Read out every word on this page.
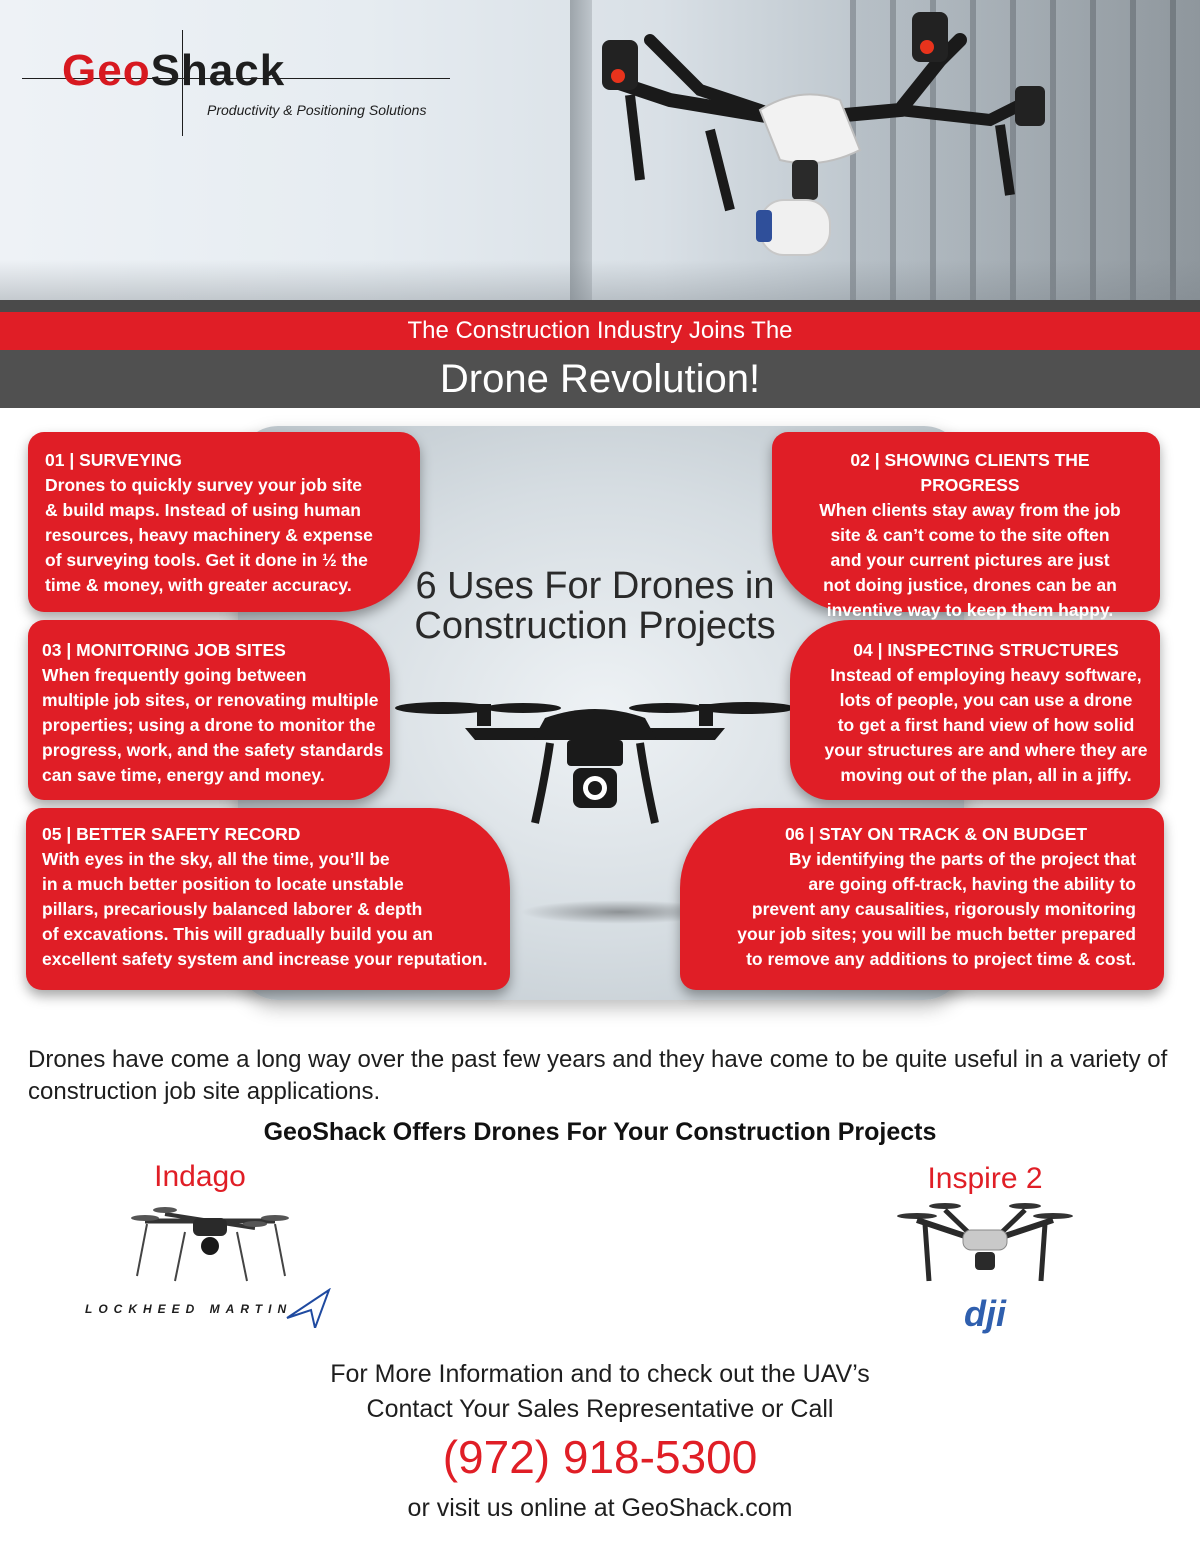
GeoShack
Productivity & Positioning Solutions
The Construction Industry Joins The
Drone Revolution!
6 Uses For Drones in
Construction Projects
01 | SURVEYING
Drones to quickly survey your job site
& build maps. Instead of using human
resources, heavy machinery & expense
of surveying tools. Get it done in ½ the
time & money, with greater accuracy.
02 | SHOWING CLIENTS THE PROGRESS
When clients stay away from the job
site & can’t come to the site often
and your current pictures are just
not doing justice, drones can be an
inventive way to keep them happy.
03 | MONITORING JOB SITES
When frequently going between
multiple job sites, or renovating multiple
properties; using a drone to monitor the
progress, work, and the safety standards
can save time, energy and money.
04 | INSPECTING STRUCTURES
Instead of employing heavy software,
lots of people, you can use a drone
to get a first hand view of how solid
your structures are and where they are
moving out of the plan, all in a jiffy.
05 | BETTER SAFETY RECORD
With eyes in the sky, all the time, you’ll be
in a much better position to locate unstable
pillars, precariously balanced laborer & depth
of excavations. This will gradually build you an
excellent safety system and increase your reputation.
06 | STAY ON TRACK & ON BUDGET
By identifying the parts of the project that
are going off-track, having the ability to
prevent any causalities, rigorously monitoring
your job sites; you will be much better prepared
to remove any additions to project time & cost.
Drones have come a long way over the past few years and they have come to be quite useful in a variety of construction job site applications.
GeoShack Offers Drones For Your Construction Projects
Indago
LOCKHEED MARTIN
Inspire 2
dji
For More Information and to check out the UAV’s
Contact Your Sales Representative or Call
(972) 918-5300
or visit us online at GeoShack.com
